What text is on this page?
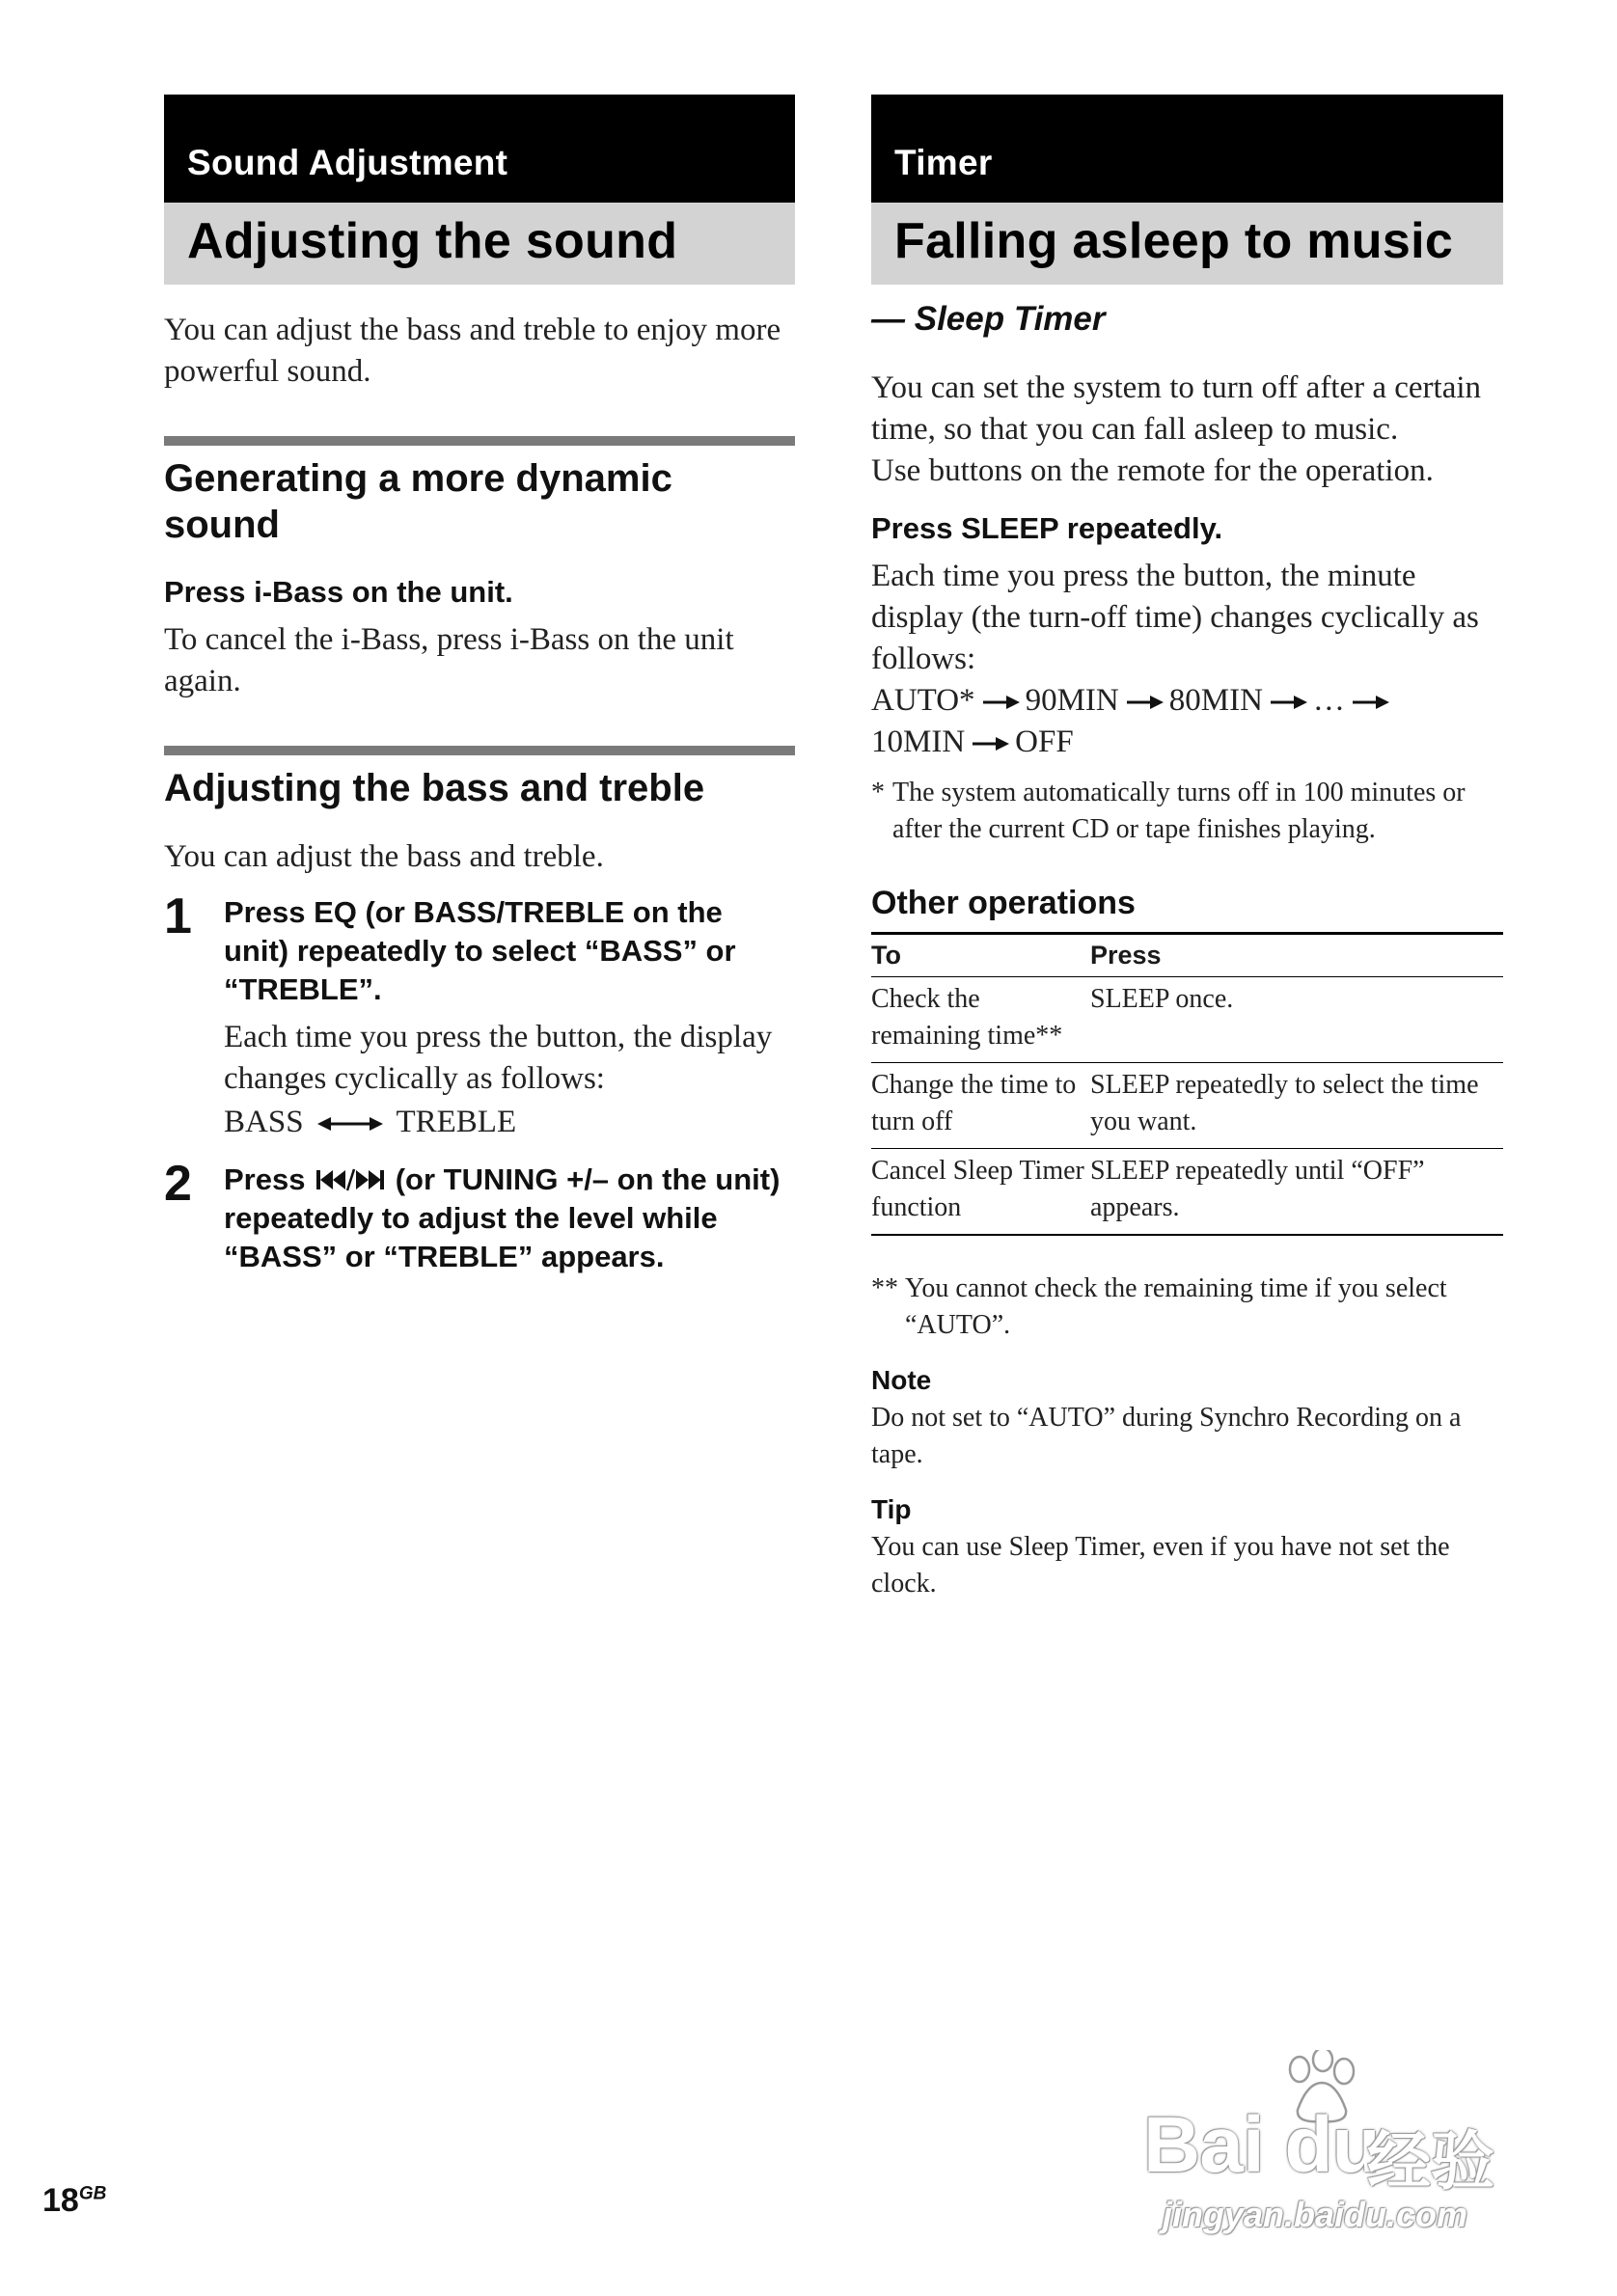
Sound Adjustment
Adjusting the sound

You can adjust the bass and treble to enjoy more powerful sound.

Generating a more dynamic sound

Press i-Bass on the unit.

To cancel the i-Bass, press i-Bass on the unit again.

Adjusting the bass and treble

You can adjust the bass and treble.

1 Press EQ (or BASS/TREBLE on the unit) repeatedly to select “BASS” or “TREBLE”.

Each time you press the button, the display changes cyclically as follows:

BASS	TREBLE

2 Press	(or TUNING +/– on the unit) repeatedly to adjust the level while “BASS” or “TREBLE” appears.

Timer
Falling asleep to music

— Sleep Timer

You can set the system to turn off after a certain time, so that you can fall asleep to music.

Use buttons on the remote for the operation.

Press SLEEP repeatedly.

Each time you press the button, the minute display (the turn-off time) changes cyclically as follows:

AUTO* 90MIN 80MIN …
10MIN OFF

* The system automatically turns off in 100 minutes or after the current CD or tape finishes playing.

Other operations
To	Press
Check the remaining time**	SLEEP once.
Change the time to turn off	SLEEP repeatedly to select the time you want.
Cancel Sleep Timer function	SLEEP repeatedly until “OFF” appears.
** You cannot check the remaining time if you select “AUTO”.

Note

Do not set to “AUTO” during Synchro Recording on a tape.

Tip

You can use Sleep Timer, even if you have not set the clock.

$18^{GB}$
Bai du
经验
jingyan.baidu.com
